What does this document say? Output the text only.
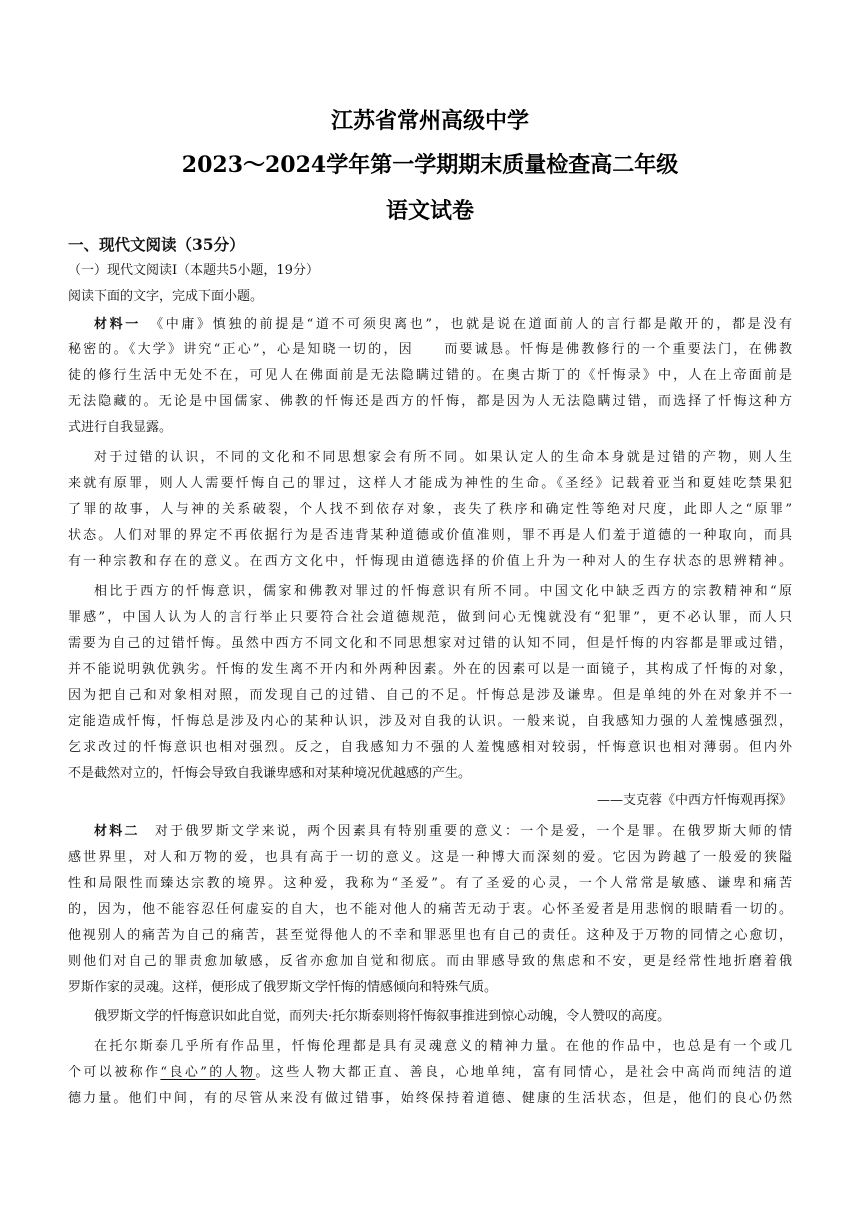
江苏省常州高级中学
2023～2024学年第一学期期末质量检查高二年级
语文试卷
一、现代文阅读（35分）
（一）现代文阅读Ⅰ（本题共5小题，19分）
阅读下面的文字，完成下面小题。
材料一　 《中庸》慎独的前提是“道不可须臾离也”，也就是说在道面前人的言行都是敞开的，都是没有
秘密的。《大学》讲究“正心”，心是知晓一切的，因　　而要诚恳。忏悔是佛教修行的一个重要法门，在佛教
徒的修行生活中无处不在，可见人在佛面前是无法隐瞒过错的。在奥古斯丁的《忏悔录》中，人在上帝面前是
无法隐藏的。无论是中国儒家、佛教的忏悔还是西方的忏悔，都是因为人无法隐瞒过错，而选择了忏悔这种方
式进行自我显露。
对于过错的认识，不同的文化和不同思想家会有所不同。如果认定人的生命本身就是过错的产物，则人生
来就有原罪，则人人需要忏悔自己的罪过，这样人才能成为神性的生命。《圣经》记载着亚当和夏娃吃禁果犯
了罪的故事，人与神的关系破裂，个人找不到依存对象，丧失了秩序和确定性等绝对尺度，此即人之“原罪”
状态。人们对罪的界定不再依据行为是否违背某种道德或价值准则，罪不再是人们羞于道德的一种取向，而具
有一种宗教和存在的意义。在西方文化中，忏悔现由道德选择的价值上升为一种对人的生存状态的思辨精神。
相比于西方的忏悔意识，儒家和佛教对罪过的忏悔意识有所不同。中国文化中缺乏西方的宗教精神和“原
罪感”，中国人认为人的言行举止只要符合社会道德规范，做到问心无愧就没有“犯罪”，更不必认罪，而人只
需要为自己的过错忏悔。虽然中西方不同文化和不同思想家对过错的认知不同，但是忏悔的内容都是罪或过错，
并不能说明孰优孰劣。忏悔的发生离不开内和外两种因素。外在的因素可以是一面镜子，其构成了忏悔的对象，
因为把自己和对象相对照，而发现自己的过错、自己的不足。忏悔总是涉及谦卑。但是单纯的外在对象并不一
定能造成忏悔，忏悔总是涉及内心的某种认识，涉及对自我的认识。一般来说，自我感知力强的人羞愧感强烈，
乞求改过的忏悔意识也相对强烈。反之，自我感知力不强的人羞愧感相对较弱，忏悔意识也相对薄弱。但内外
不是截然对立的，忏悔会导致自我谦卑感和对某种境况优越感的产生。
——支克蓉《中西方忏悔观再探》
材料二　 对于俄罗斯文学来说，两个因素具有特别重要的意义：一个是爱，一个是罪。在俄罗斯大师的情
感世界里，对人和万物的爱，也具有高于一切的意义。这是一种博大而深刻的爱。它因为跨越了一般爱的狭隘
性和局限性而臻达宗教的境界。这种爱，我称为“圣爱”。有了圣爱的心灵，一个人常常是敏感、谦卑和痛苦
的，因为，他不能容忍任何虚妄的自大，也不能对他人的痛苦无动于衷。心怀圣爱者是用悲悯的眼睛看一切的。
他视别人的痛苦为自己的痛苦，甚至觉得他人的不幸和罪恶里也有自己的责任。这种及于万物的同情之心愈切，
则他们对自己的罪责愈加敏感，反省亦愈加自觉和彻底。而由罪感导致的焦虑和不安，更是经常性地折磨着俄
罗斯作家的灵魂。这样，便形成了俄罗斯文学忏悔的情感倾向和特殊气质。
俄罗斯文学的忏悔意识如此自觉，而列夫·托尔斯泰则将忏悔叙事推进到惊心动魄，令人赞叹的高度。
在托尔斯泰几乎所有作品里，忏悔伦理都是具有灵魂意义的精神力量。在他的作品中，也总是有一个或几
个可以被称作“良心”的人物。这些人物大都正直、善良，心地单纯，富有同情心，是社会中高尚而纯洁的道
德力量。他们中间，有的尽管从来没有做过错事，始终保持着道德、健康的生活状态，但是，他们的良心仍然
